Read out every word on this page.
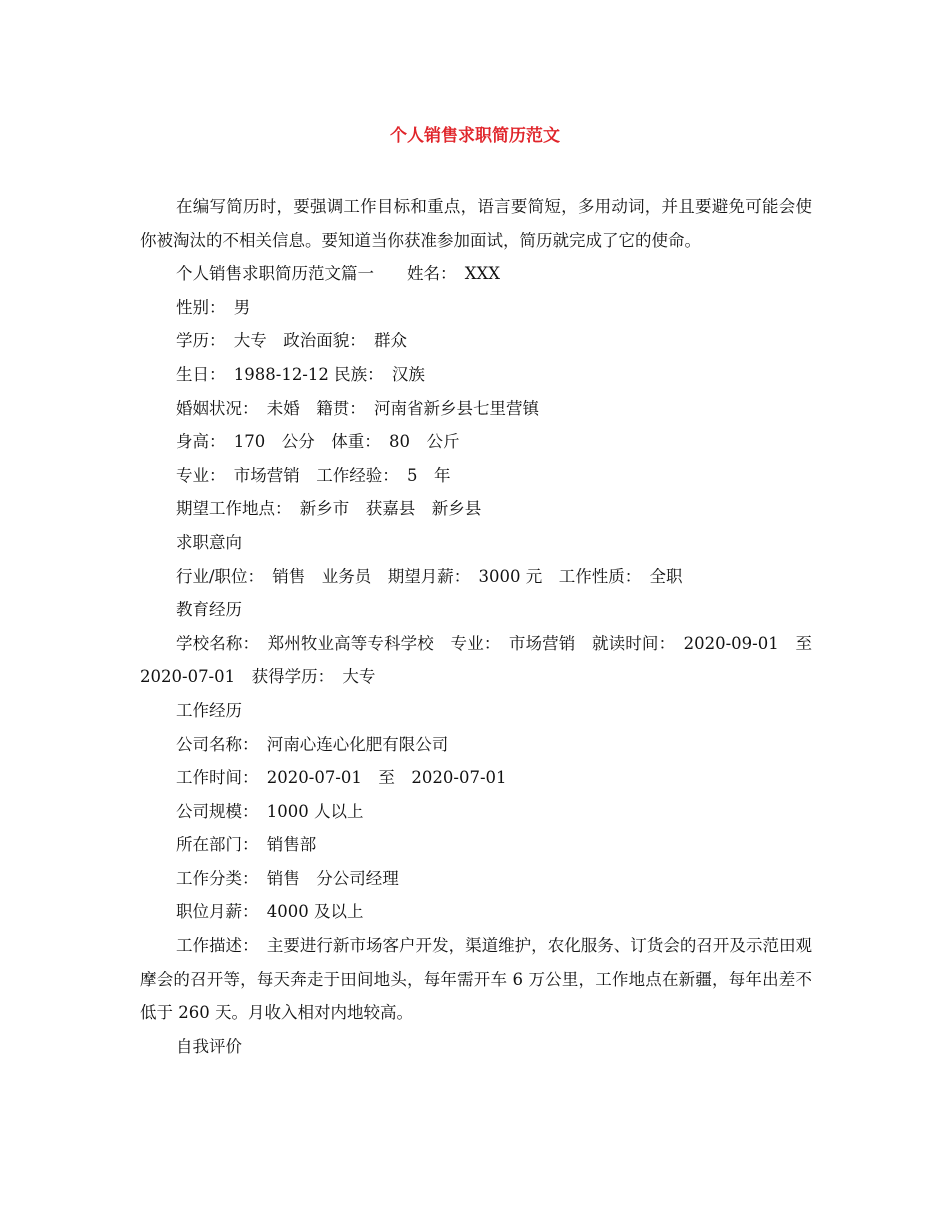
个人销售求职简历范文

在编写简历时，要强调工作目标和重点，语言要简短，多用动词，并且要避免可能会使你被淘汰的不相关信息。要知道当你获准参加面试，简历就完成了它的使命。

个人销售求职简历范文篇一　　姓名：　XXX

性别：　男

学历：　大专　政治面貌：　群众

生日：　1988-12-12 民族：　汉族

婚姻状况：　未婚　籍贯：　河南省新乡县七里营镇

身高：　170　公分　体重：　80　公斤

专业：　市场营销　工作经验：　5　年

期望工作地点：　新乡市　获嘉县　新乡县

求职意向

行业/职位：　销售　业务员　期望月薪：　3000 元　工作性质：　全职

教育经历

学校名称：　郑州牧业高等专科学校　专业：　市场营销　就读时间：　2020-09-01　至　2020-07-01　获得学历：　大专

工作经历

公司名称：　河南心连心化肥有限公司

工作时间：　2020-07-01　至　2020-07-01

公司规模：　1000 人以上

所在部门：　销售部

工作分类：　销售　分公司经理

职位月薪：　4000 及以上

工作描述：　主要进行新市场客户开发，渠道维护，农化服务、订货会的召开及示范田观摩会的召开等，每天奔走于田间地头，每年需开车 6 万公里，工作地点在新疆，每年出差不低于 260 天。月收入相对内地较高。

自我评价
